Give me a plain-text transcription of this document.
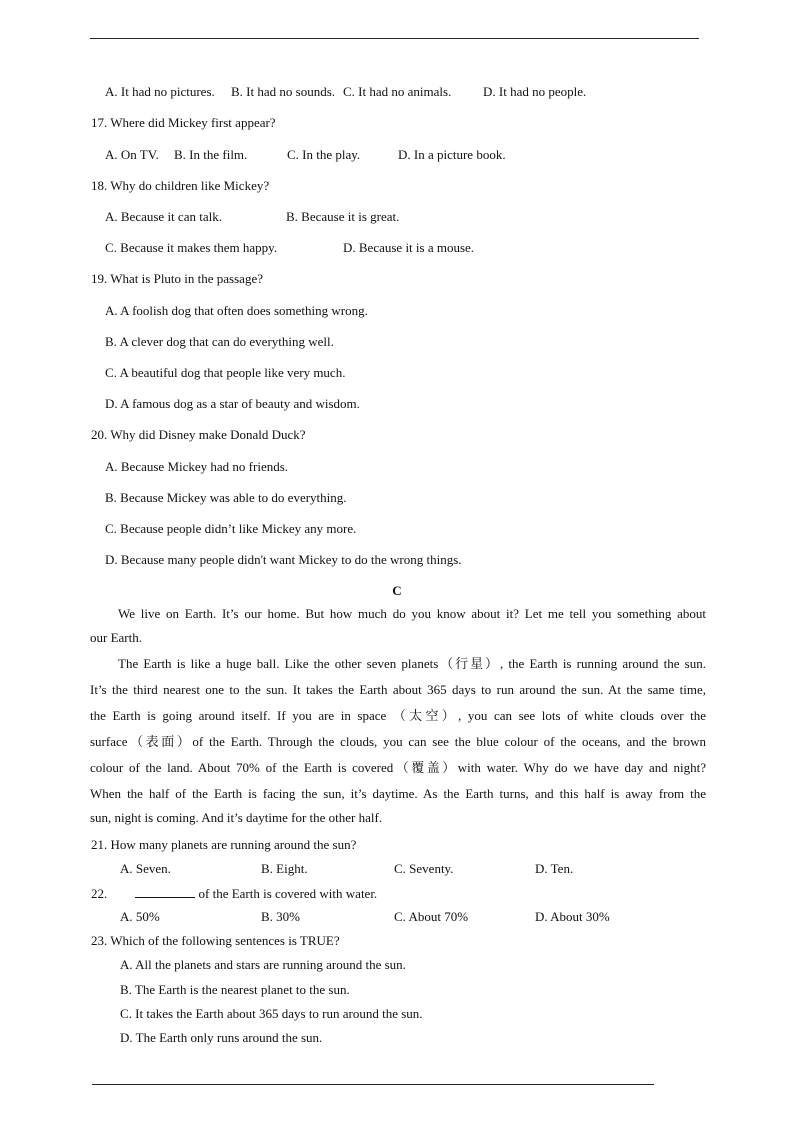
A. It had no pictures. B. It had no sounds. C. It had no animals. D. It had no people.
17. Where did Mickey first appear?
A. On TV. B. In the film.	C. In the play.	D. In a picture book.
18. Why do children like Mickey?
A. Because it can talk.	B. Because it is great.
C. Because it makes them happy.	D. Because it is a mouse.
19. What is Pluto in the passage?
A. A foolish dog that often does something wrong.
B. A clever dog that can do everything well.
C. A beautiful dog that people like very much.
D. A famous dog as a star of beauty and wisdom.
20. Why did Disney make Donald Duck?
A. Because Mickey had no friends.
B. Because Mickey was able to do everything.
C. Because people didn’t like Mickey any more.
D. Because many people didn't want Mickey to do the wrong things.
C
We live on Earth. It’s our home. But how much do you know about it? Let me tell you something about
our Earth.
The Earth is like a huge ball. Like the other seven planets（行星）, the Earth is running around the sun.
It’s the third nearest one to the sun. It takes the Earth about 365 days to run around the sun. At the same time,
the Earth is going around itself. If you are in space （太空）, you can see lots of white clouds over the
surface（表面）of the Earth. Through the clouds, you can see the blue colour of the oceans, and the brown
colour of the land. About 70% of the Earth is covered（覆盖）with water. Why do we have day and night?
When the half of the Earth is facing the sun, it’s daytime. As the Earth turns, and this half is away from the
sun, night is coming. And it’s daytime for the other half.
21. How many planets are running around the sun?
A. Seven.	B. Eight.	C. Seventy.	D. Ten.
22.	of the Earth is covered with water.
A. 50%	B. 30%	C. About 70%	D. About 30%
23. Which of the following sentences is TRUE?
A. All the planets and stars are running around the sun.
B. The Earth is the nearest planet to the sun.
C. It takes the Earth about 365 days to run around the sun.
D. The Earth only runs around the sun.
